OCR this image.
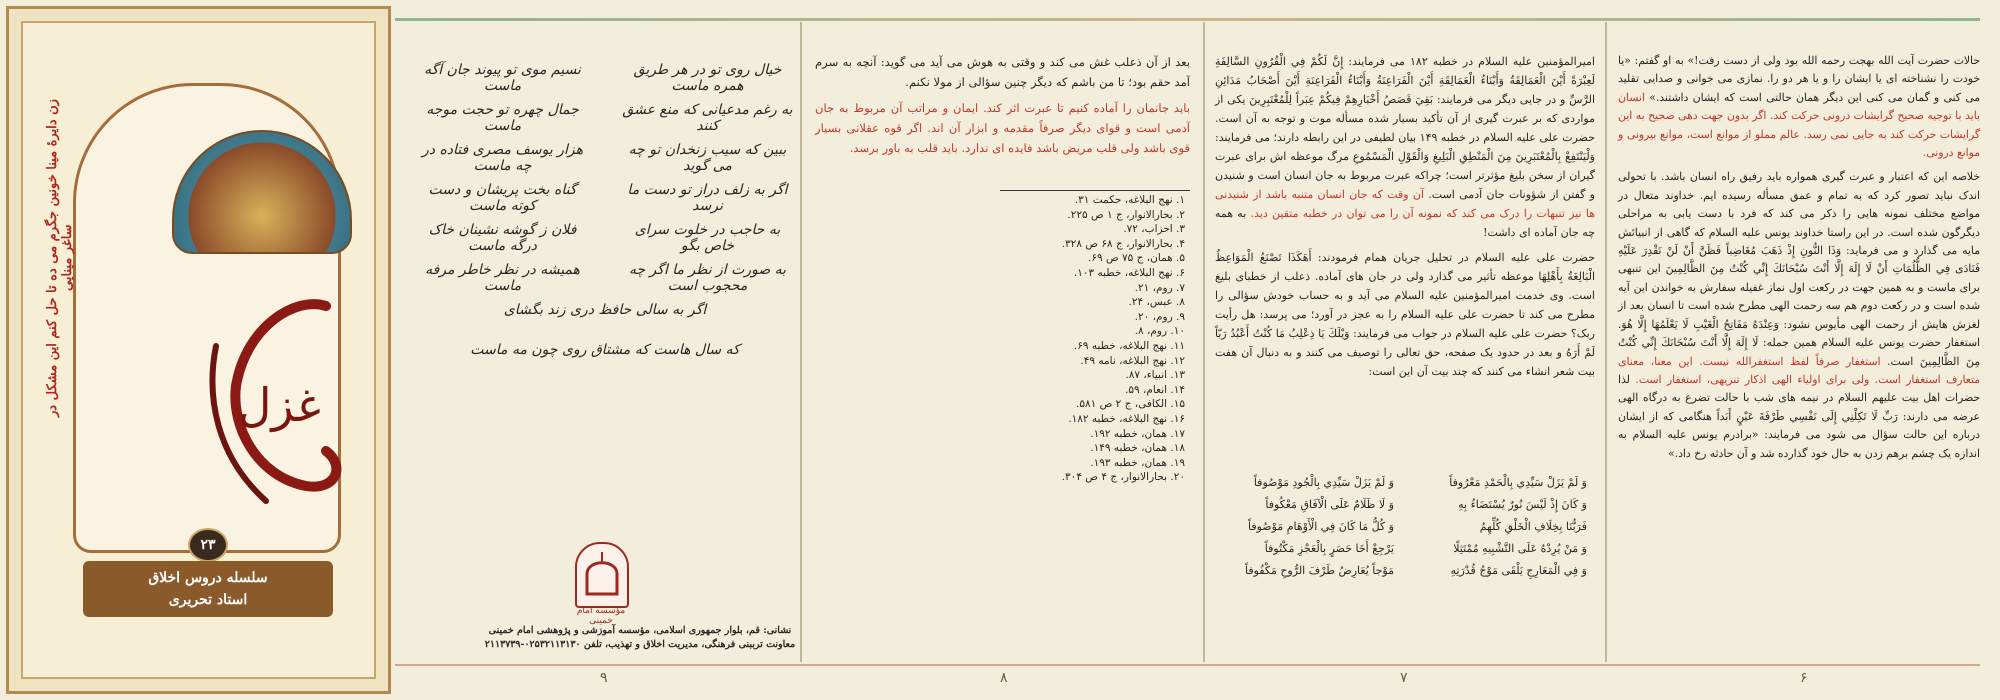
غزل
زن دایرهٔ مینا خونین جگرم می ده تا حل کنم این مشکل در ساغر مینایی
۲۳
سلسله دروس اخلاق
استاد تحریری
خیال روی تو در هر طریق همره ماست
نسیم موی تو پیوند جان آگه ماست
به رغم مدعیانی که منع عشق کنند
جمال چهره تو حجت موجه ماست
ببین که سیب زنخدان تو چه می گوید
هزار یوسف مصری فتاده در چه ماست
اگر به زلف دراز تو دست ما نرسد
گناه بخت پریشان و دست کوته ماست
به حاجب در خلوت سرای خاص بگو
فلان ز گوشه نشینان خاک درگه ماست
به صورت از نظر ما اگر چه محجوب است
همیشه در نظر خاطر مرفه ماست
اگر به سالی حافظ دری زند بگشای
که سال هاست که مشتاق روی چون مه ماست
مؤسسه امام خمینی
نشانی: قم، بلوار جمهوری اسلامی، مؤسسه آموزشی و پژوهشی امام خمینی
معاونت ترببنی فرهنگی، مدیریت اخلاق و تهذیب، تلفن ۰۲۵۳۲۱۱۳۱۳۰-۲۱۱۳۷۳۹

بعد از آن ذعلب غش می کند و وقتی به هوش می آید می گوید: آنچه به سرم آمد حقم بود؛ تا من باشم که دیگر چنین سؤالی از مولا نکنم.

باید جانمان را آماده کنیم تا عبرت اثر کند. ایمان و مراتب آن مربوط به جان آدمی است و قوای دیگر صرفاً مقدمه و ابزار آن اند. اگر قوه عقلانی بسیار قوی باشد ولی قلب مریض باشد فایده ای ندارد. باید قلب به باور برسد.

۱. نهج البلاغه، حکمت ۳۱.
۲. بحارالانوار، ج ۱ ص ۲۲۵.
۳. احزاب، ۷۲.
۴. بحارالانوار، ج ۶۸ ص ۳۲۸.
۵. همان، ج ۷۵ ص ۶۹.
۶. نهج البلاغه، خطبه ۱۰۳.
۷. روم، ۲۱.
۸. عبس، ۲۴.
۹. روم، ۲۰.
۱۰. روم، ۸.
۱۱. نهج البلاغه، خطبه ۶۹.
۱۲. نهج البلاغه، نامه ۴۹.
۱۳. انبیاء، ۸۷.
۱۴. انعام، ۵۹.
۱۵. الکافی، ج ۲ ص ۵۸۱.
۱۶. نهج البلاغه، خطبه ۱۸۲.
۱۷. همان، خطبه ۱۹۲.
۱۸. همان، خطبه ۱۴۹.
۱۹. همان، خطبه ۱۹۳.
۲۰. بحارالانوار، ج ۴ ص ۳۰۴.

امیرالمؤمنین علیه السلام در خطبه ۱۸۲ می فرمایند: إِنَّ لَكُمْ فِي الْقُرُونِ السَّالِفَةِ لَعِبْرَةً أَيْنَ الْعَمَالِقَةُ وَأَبْنَاءُ الْعَمَالِقَةِ أَيْنَ الْفَرَاعِنَةُ وَأَبْنَاءُ الْفَرَاعِنَةِ أَيْنَ أَصْحَابُ مَدَائِنِ الرَّسِّ و در جایی دیگر می فرمایند: بَقِيَ قَصَصُ أَخْبَارِهِمْ فِيكُمْ عِبَراً لِلْمُعْتَبِرِينَ یکی از مواردی که بر عبرت گیری از آن تأکید بسیار شده مسأله موت و توجه به آن است. حضرت علی علیه السلام در خطبه ۱۴۹ بیان لطیفی در این رابطه دارند؛ می فرمایند: وَلْيَنْتَفِعْ بِالْمُعْتَبَرِينَ مِنَ الْمَنْطِقِ الْبَلِيغِ وَالْقَوْلِ الْمَسْمُوعِ مرگ موعظه اش برای عبرت گیران از سخن بلیغ مؤثرتر است؛ چراکه عبرت مربوط به جان انسان است و شنیدن و گفتن از شؤونات جان آدمی است. آن وقت که جان انسان متنبه باشد از شنیدنی ها نیز تنبهات را درک می کند که نمونه آن را می توان در خطبه متقین دید. به همه چه جان آماده ای داشت!

حضرت علی علیه السلام در تحلیل جریان همام فرمودند: أَهَكَذَا تَصْنَعُ الْمَوَاعِظُ الْبَالِغَةُ بِأَهْلِهَا موعظه تأثیر می گذارد ولی در جان های آماده. ذعلب از خطبای بلیغ است. وی خدمت امیرالمؤمنین علیه السلام می آید و به حساب خودش سؤالی را مطرح می کند تا حضرت علی علیه السلام را به عجز در آورد؛ می پرسد: هل رأیت ربک؟ حضرت علی علیه السلام در جواب می فرمایند: وَيْلَكَ يَا ذِعْلِبُ مَا كُنْتُ أَعْبُدُ رَبّاً لَمْ أَرَهُ و بعد در حدود یک صفحه، حق تعالی را توصیف می کنند و به دنبال آن هفت بیت شعر انشاء می کنند که چند بیت آن این است:

وَ لَمْ يَزَلْ سَيِّدِي بِالْحَمْدِ مَعْرُوفاً
وَ لَمْ يَزَلْ سَيِّدِي بِالْجُودِ مَوْصُوفاً
وَ كَانَ إِذْ لَيْسَ نُورٌ يُسْتَضَاءُ بِهِ
وَ لَا ظَلَامٌ عَلَى الْآفَاقِ مَعْكُوفاً
فَرَبُّنَا بِخِلَافِ الْخَلْقِ كُلِّهِمُ
وَ كُلُّ مَا كَانَ فِي الْأَوْهَامِ مَوْصُوفاً
وَ مَنْ يُرِدْهُ عَلَى التَّشْبِيهِ مُمْتَثِلًا
يَرْجِعْ أَخَا حَصَرٍ بِالْعَجْزِ مَكْتُوفاً
وَ فِي الْمَعَارِجِ يَلْقَى مَوْجُ قُدْرَتِهِ
مَوْجاً يُعَارِضُ طَرْفَ الرُّوحِ مَكْفُوفاً

حالات حضرت آیت الله بهجت رحمه الله بود ولی از دست رفت!» به او گفتم: «یا خودت را نشناخته ای یا ایشان را و یا هر دو را. نمازی می خوانی و صدایی تقلید می کنی و گمان می کنی این دیگر همان حالتی است که ایشان داشتند.» انسان باید با توجیه صحیح گرایشات درونی حرکت کند. اگر بدون جهت دهی صحیح به این گرایشات حرکت کند به جایی نمی رسد. عالم مملو از موانع است، موانع بیرونی و موانع درونی.

خلاصه این که اعتبار و عبرت گیری همواره باید رفیق راه انسان باشد. با تحولی اندک نباید تصور کرد که به تمام و عمق مسأله رسیده ایم. خداوند متعال در مواضع مختلف نمونه هایی را ذکر می کند که فرد با دست یابی به مراحلی دیگرگون شده است. در این راستا خداوند یونس علیه السلام که گاهی از انبیائش مایه می گذارد و می فرماید: وَذَا النُّونِ إِذْ ذَهَبَ مُغَاضِباً فَظَنَّ أَنْ لَنْ نَقْدِرَ عَلَيْهِ فَنَادَى فِي الظُّلُمَاتِ أَنْ لَا إِلَهَ إِلَّا أَنْتَ سُبْحَانَكَ إِنِّي كُنْتُ مِنَ الظَّالِمِينَ این تنبهی برای ماست و به همین جهت در رکعت اول نماز غفیله سفارش به خواندن این آیه شده است و در رکعت دوم هم سه رحمت الهی مطرح شده است تا انسان بعد از لغزش هایش از رحمت الهی مأیوس نشود: وَعِنْدَهُ مَفَاتِحُ الْغَيْبِ لَا يَعْلَمُهَا إِلَّا هُوَ. استغفار حضرت یونس علیه السلام همین جمله: لَا إِلَهَ إِلَّا أَنْتَ سُبْحَانَكَ إِنِّي كُنْتُ مِنَ الظَّالِمِينَ است. استغفار صرفاً لفظ استغفرالله نیست. این معنا، معنای متعارف استغفار است. ولی برای اولیاء الهی اذکار تنزیهی، استغفار است. لذا حضرات اهل بیت علیهم السلام در نیمه های شب با حالت تضرع به درگاه الهی عرضه می دارند: رَبِّ لَا تَكِلْنِي إِلَى نَفْسِي طَرْفَةَ عَيْنٍ أَبَداً هنگامی که از ایشان درباره این حالت سؤال می شود می فرمایند: «برادرم یونس علیه السلام به اندازه یک چشم برهم زدن به حال خود گذارده شد و آن حادثه رخ داد.»

۹	۸	۷	۶
